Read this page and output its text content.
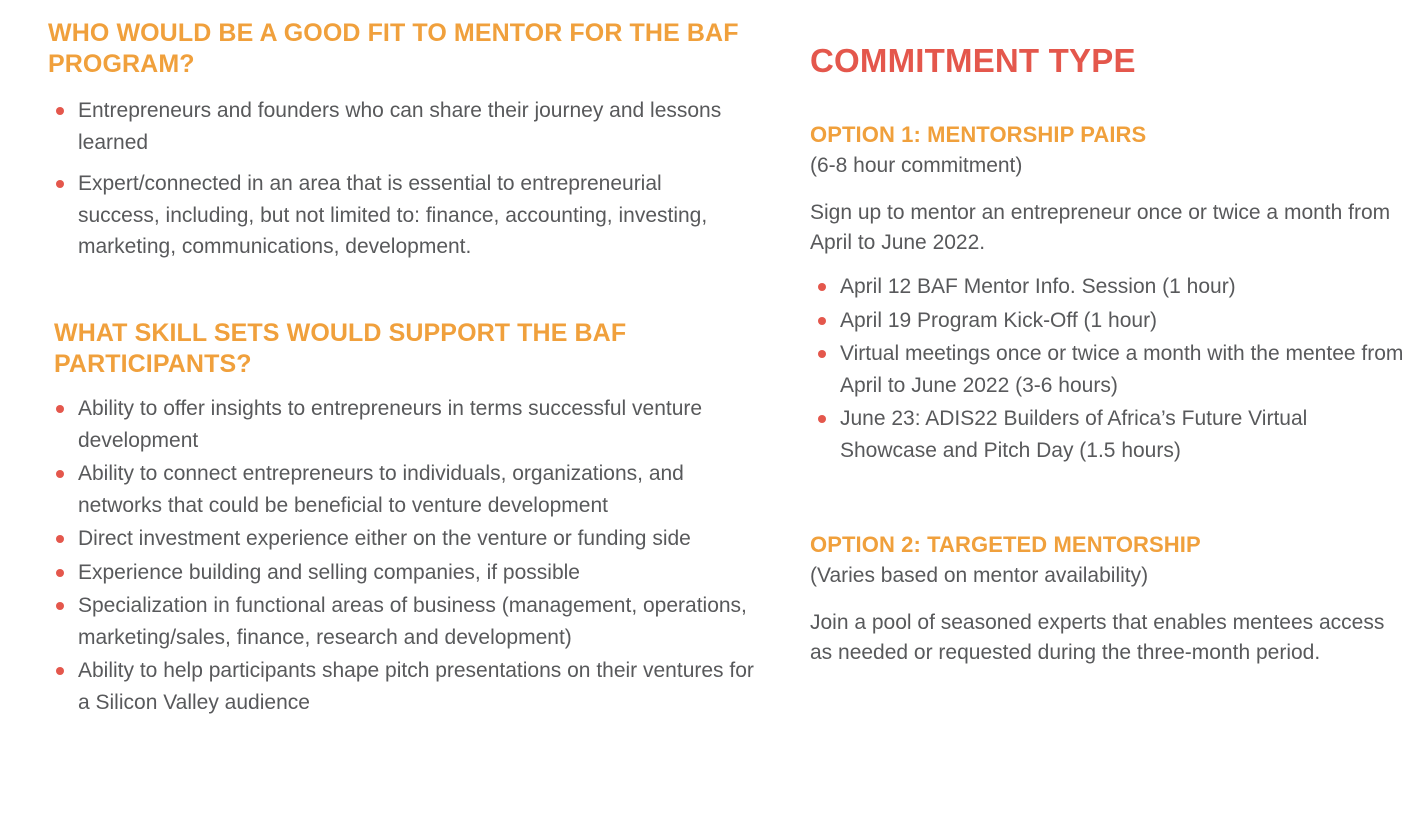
WHO WOULD BE A GOOD FIT TO MENTOR FOR THE BAF PROGRAM?
Entrepreneurs and founders who can share their journey and lessons learned
Expert/connected in an area that is essential to entrepreneurial success, including, but not limited to: finance, accounting, investing, marketing, communications, development.
WHAT SKILL SETS WOULD SUPPORT THE BAF PARTICIPANTS?
Ability to offer insights to entrepreneurs in terms successful venture development
Ability to connect entrepreneurs to individuals, organizations, and networks that could be beneficial to venture development
Direct investment experience either on the venture or funding side
Experience building and selling companies, if possible
Specialization in functional areas of business (management, operations, marketing/sales, finance, research and development)
Ability to help participants shape pitch presentations on their ventures for a Silicon Valley audience
COMMITMENT TYPE
OPTION 1: MENTORSHIP PAIRS

(6-8 hour commitment)

Sign up to mentor an entrepreneur once or twice a month from April to June 2022.

April 12 BAF Mentor Info. Session (1 hour)
April 19 Program Kick-Off (1 hour)
Virtual meetings once or twice a month with the mentee from April to June 2022 (3-6 hours)
June 23: ADIS22 Builders of Africa’s Future Virtual Showcase and Pitch Day (1.5 hours)
OPTION 2: TARGETED MENTORSHIP

(Varies based on mentor availability)

Join a pool of seasoned experts that enables mentees access as needed or requested during the three-month period.
